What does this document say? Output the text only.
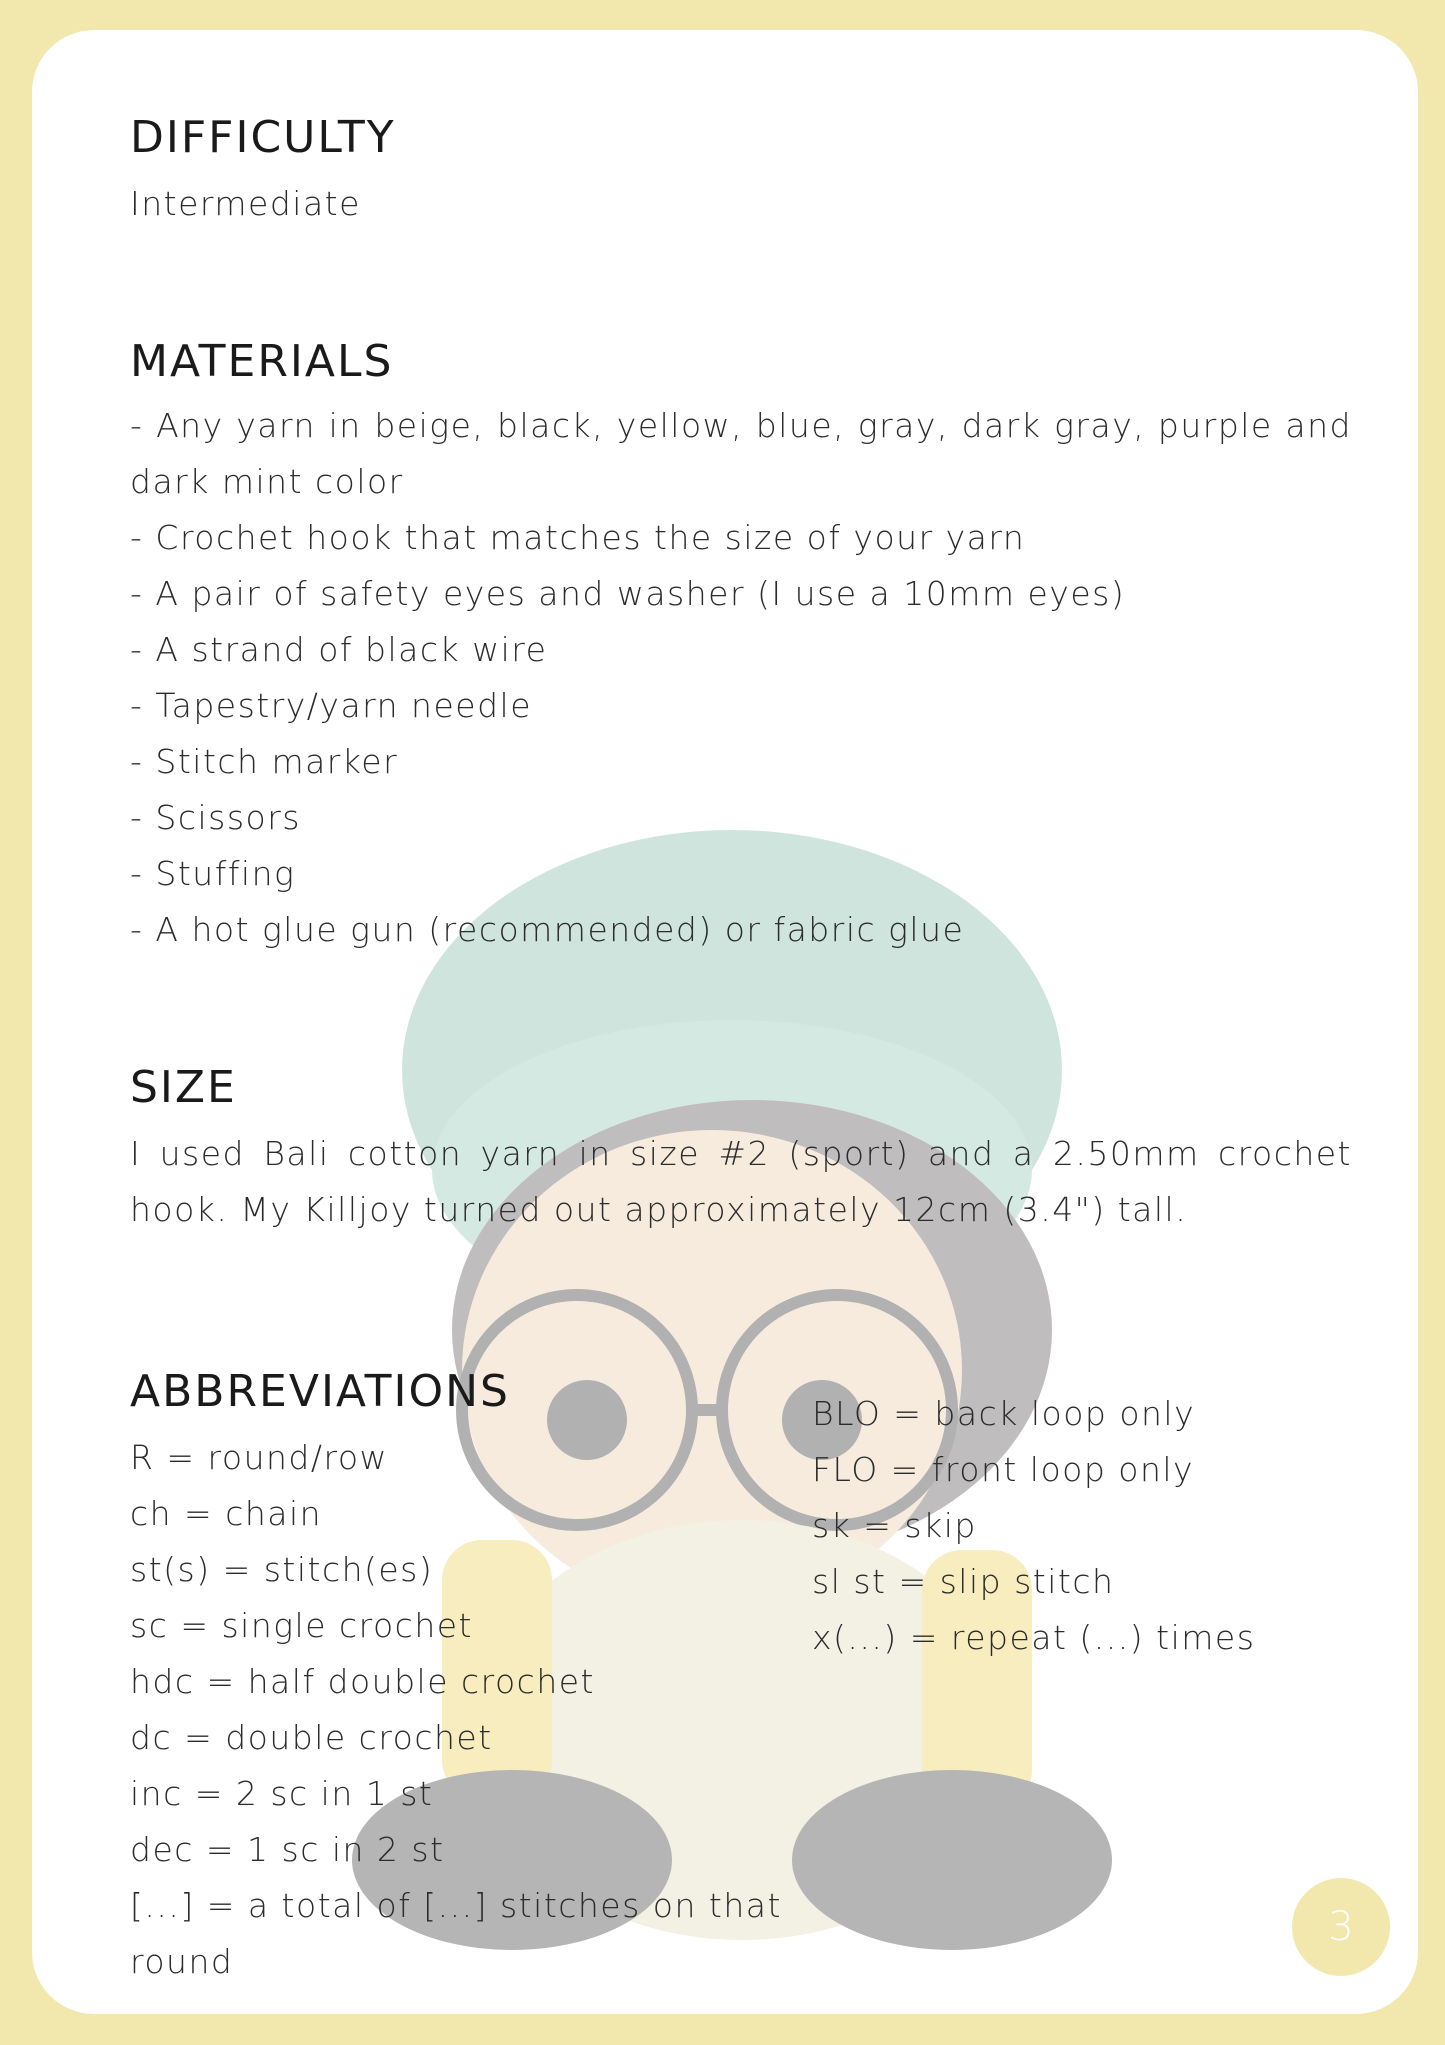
DIFFICULTY
Intermediate
MATERIALS
- Any yarn in beige, black, yellow, blue, gray, dark gray, purple and dark mint color
- Crochet hook that matches the size of your yarn
- A pair of safety eyes and washer (I use a 10mm eyes)
- A strand of black wire
- Tapestry/yarn needle
- Stitch marker
- Scissors
- Stuffing
- A hot glue gun (recommended) or fabric glue
SIZE
I used Bali cotton yarn in size #2 (sport) and a 2.50mm crochet hook. My Killjoy turned out approximately 12cm (3.4") tall.
ABBREVIATIONS
R = round/row
ch = chain
st(s) = stitch(es)
sc = single crochet
hdc = half double crochet
dc = double crochet
inc = 2 sc in 1 st
dec = 1 sc in 2 st
[...] = a total of [...] stitches on that round
BLO = back loop only
FLO = front loop only
sk = skip
sl st = slip stitch
x(...) = repeat (...) times
3
